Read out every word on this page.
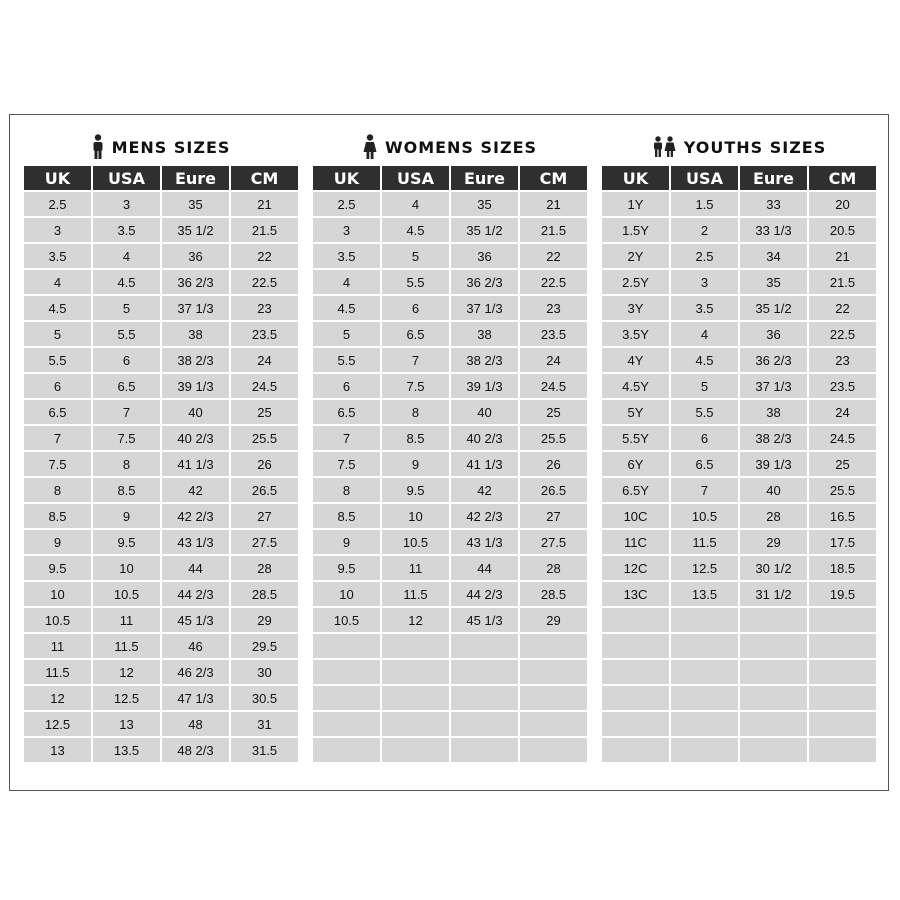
MENS SIZES
UK	USA	Eure	CM
2.5	3	35	21
3	3.5	35 1/2	21.5
3.5	4	36	22
4	4.5	36 2/3	22.5
4.5	5	37 1/3	23
5	5.5	38	23.5
5.5	6	38 2/3	24
6	6.5	39 1/3	24.5
6.5	7	40	25
7	7.5	40 2/3	25.5
7.5	8	41 1/3	26
8	8.5	42	26.5
8.5	9	42 2/3	27
9	9.5	43 1/3	27.5
9.5	10	44	28
10	10.5	44 2/3	28.5
10.5	11	45 1/3	29
11	11.5	46	29.5
11.5	12	46 2/3	30
12	12.5	47 1/3	30.5
12.5	13	48	31
13	13.5	48 2/3	31.5
WOMENS SIZES
UK	USA	Eure	CM
2.5	4	35	21
3	4.5	35 1/2	21.5
3.5	5	36	22
4	5.5	36 2/3	22.5
4.5	6	37 1/3	23
5	6.5	38	23.5
5.5	7	38 2/3	24
6	7.5	39 1/3	24.5
6.5	8	40	25
7	8.5	40 2/3	25.5
7.5	9	41 1/3	26
8	9.5	42	26.5
8.5	10	42 2/3	27
9	10.5	43 1/3	27.5
9.5	11	44	28
10	11.5	44 2/3	28.5
10.5	12	45 1/3	29

YOUTHS SIZES
UK	USA	Eure	CM
1Y	1.5	33	20
1.5Y	2	33 1/3	20.5
2Y	2.5	34	21
2.5Y	3	35	21.5
3Y	3.5	35 1/2	22
3.5Y	4	36	22.5
4Y	4.5	36 2/3	23
4.5Y	5	37 1/3	23.5
5Y	5.5	38	24
5.5Y	6	38 2/3	24.5
6Y	6.5	39 1/3	25
6.5Y	7	40	25.5
10C	10.5	28	16.5
11C	11.5	29	17.5
12C	12.5	30 1/2	18.5
13C	13.5	31 1/2	19.5
